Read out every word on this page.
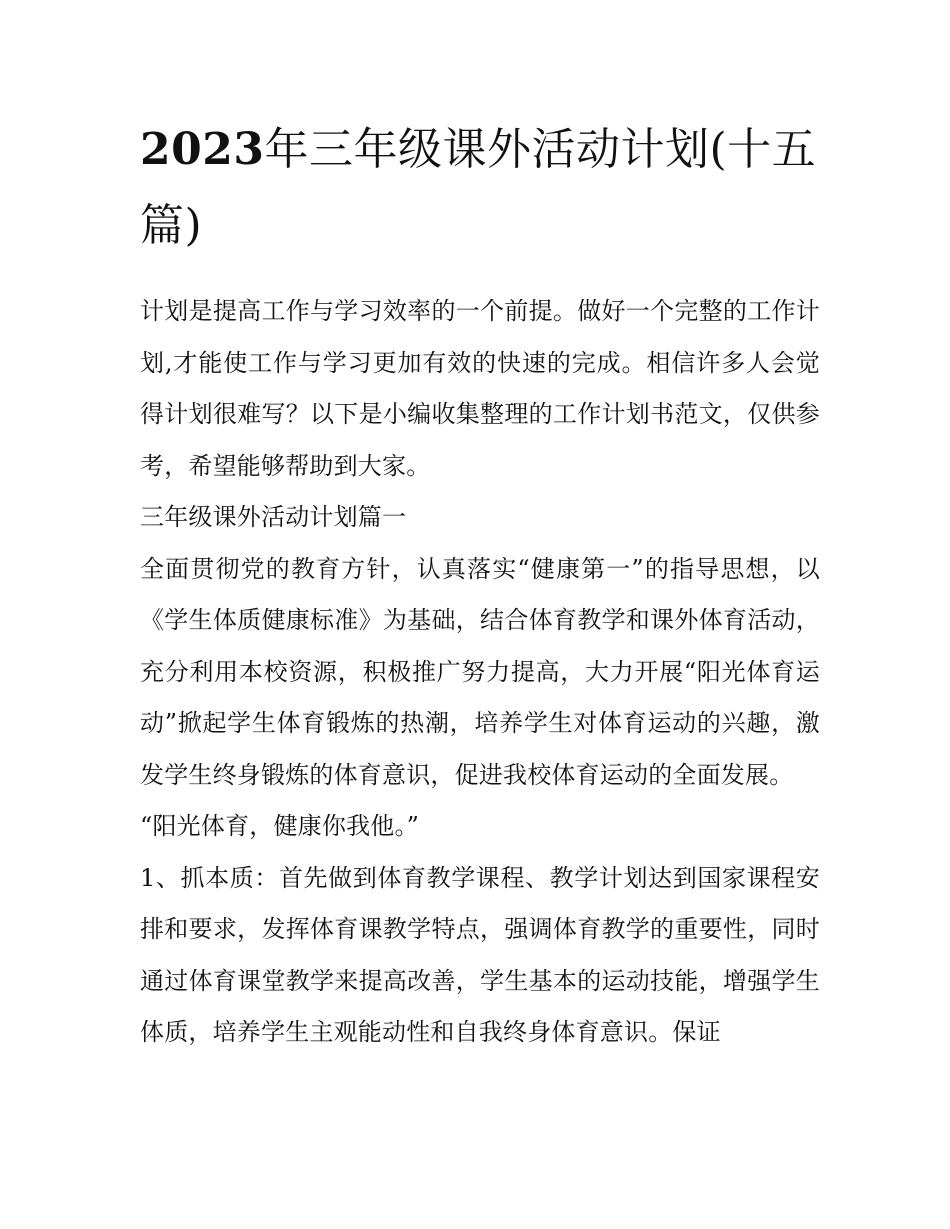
2023年三年级课外活动计划(十五篇)

计划是提高工作与学习效率的一个前提。做好一个完整的工作计划,才能使工作与学习更加有效的快速的完成。相信许多人会觉得计划很难写？以下是小编收集整理的工作计划书范文，仅供参考，希望能够帮助到大家。

三年级课外活动计划篇一

全面贯彻党的教育方针，认真落实“健康第一”的指导思想，以《学生体质健康标准》为基础，结合体育教学和课外体育活动，充分利用本校资源，积极推广努力提高，大力开展“阳光体育运动”掀起学生体育锻炼的热潮，培养学生对体育运动的兴趣，激发学生终身锻炼的体育意识，促进我校体育运动的全面发展。

“阳光体育，健康你我他。”

1、抓本质：首先做到体育教学课程、教学计划达到国家课程安排和要求，发挥体育课教学特点，强调体育教学的重要性，同时通过体育课堂教学来提高改善，学生基本的运动技能，增强学生体质，培养学生主观能动性和自我终身体育意识。保证
